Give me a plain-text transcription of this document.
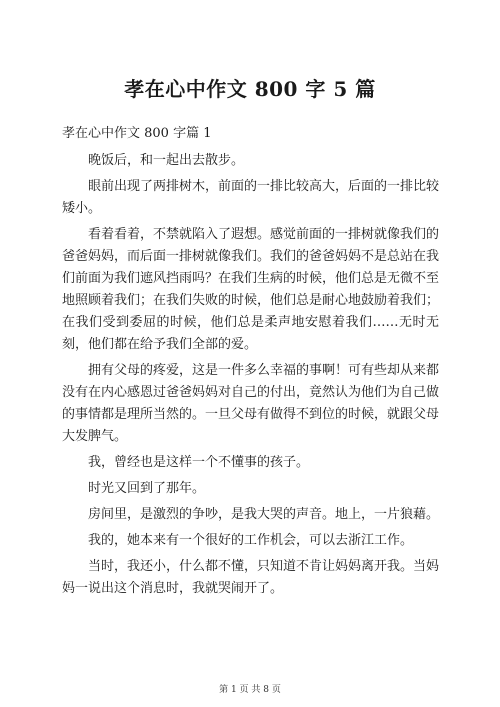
孝在心中作文 800 字 5 篇
孝在心中作文 800 字篇 1

晚饭后，和一起出去散步。

眼前出现了两排树木，前面的一排比较高大，后面的一排比较矮小。

看着看着，不禁就陷入了遐想。感觉前面的一排树就像我们的爸爸妈妈，而后面一排树就像我们。我们的爸爸妈妈不是总站在我们前面为我们遮风挡雨吗？在我们生病的时候，他们总是无微不至地照顾着我们；在我们失败的时候，他们总是耐心地鼓励着我们；在我们受到委屈的时候，他们总是柔声地安慰着我们……无时无刻，他们都在给予我们全部的爱。

拥有父母的疼爱，这是一件多么幸福的事啊！可有些却从来都没有在内心感恩过爸爸妈妈对自己的付出，竟然认为他们为自己做的事情都是理所当然的。一旦父母有做得不到位的时候，就跟父母大发脾气。

我，曾经也是这样一个不懂事的孩子。

时光又回到了那年。

房间里，是激烈的争吵，是我大哭的声音。地上，一片狼藉。

我的，她本来有一个很好的工作机会，可以去浙江工作。

当时，我还小，什么都不懂，只知道不肯让妈妈离开我。当妈妈一说出这个消息时，我就哭闹开了。

第 1 页 共 8 页
